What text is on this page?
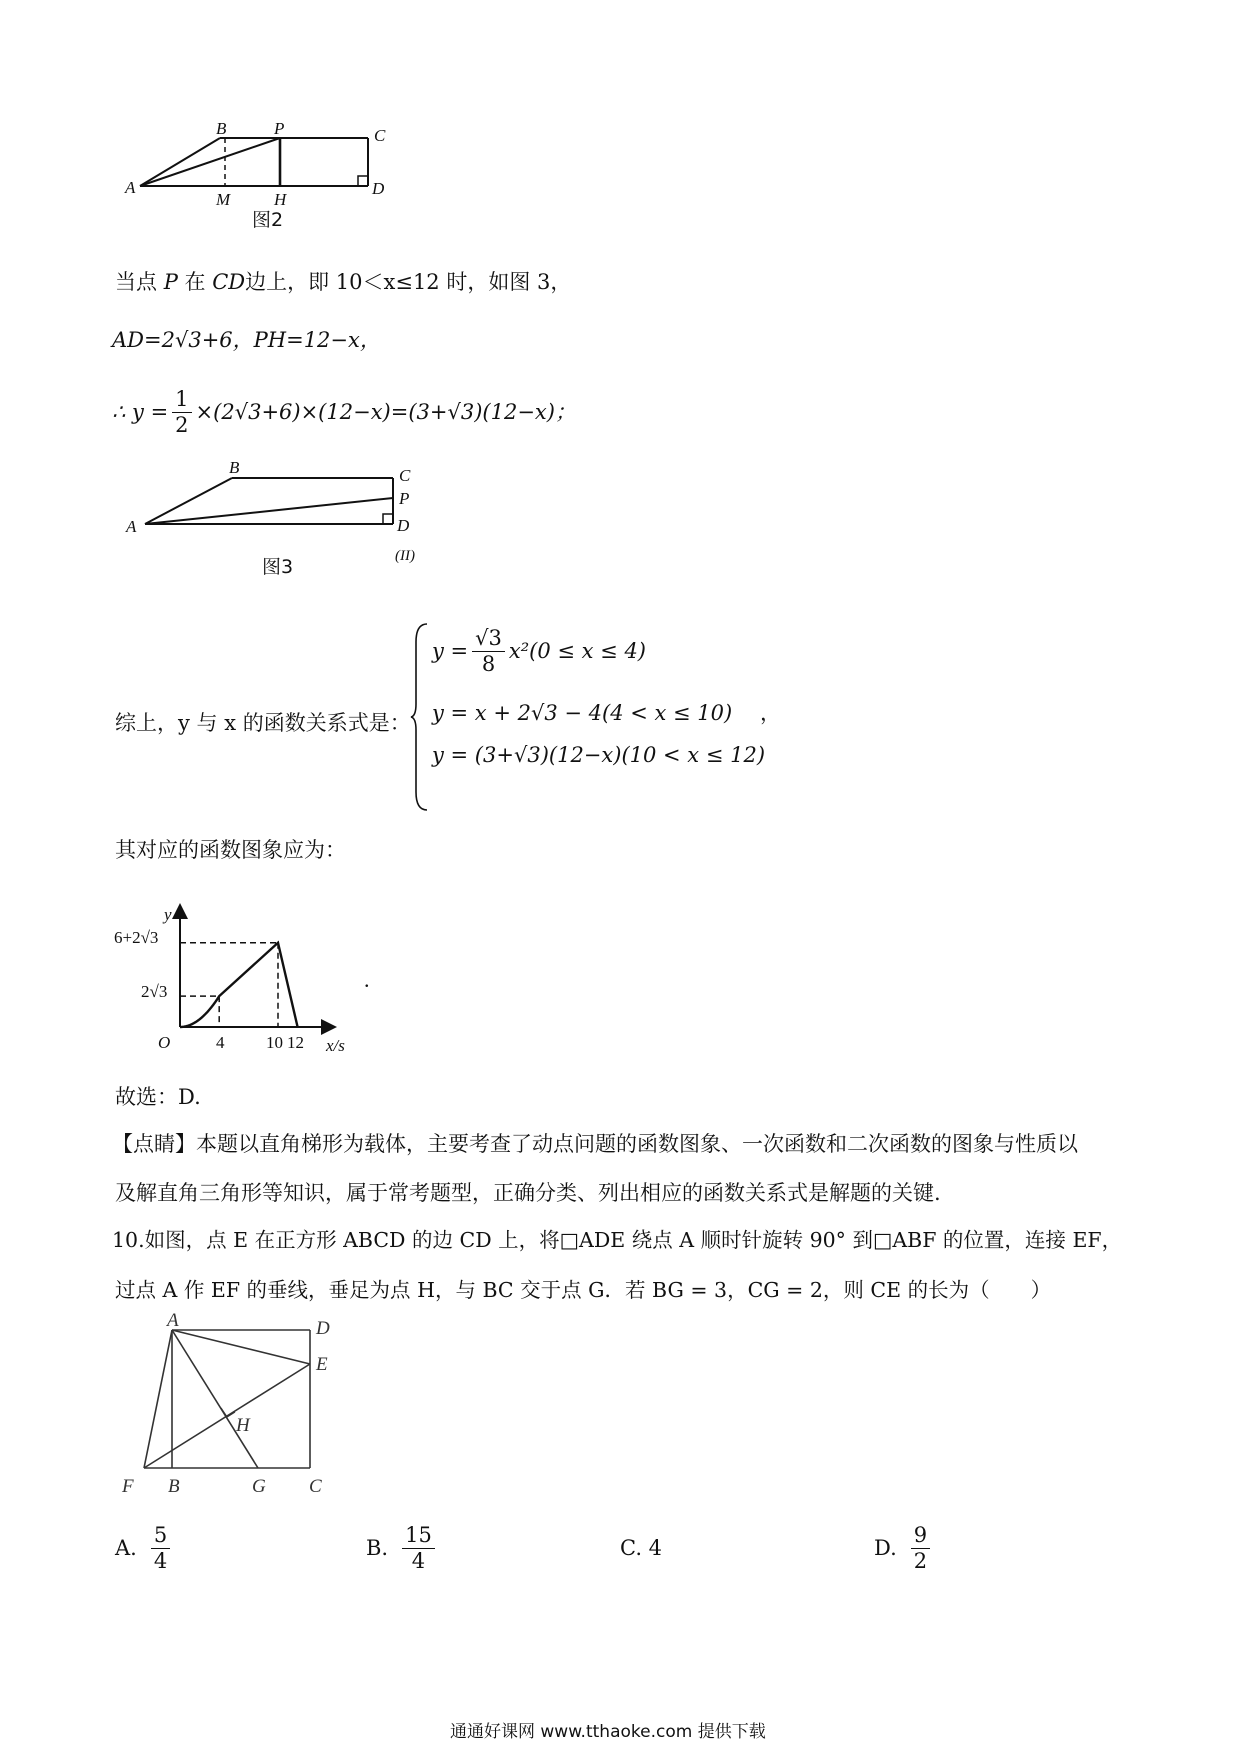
A
B	P	C
D
M	H
图2
当点 P 在 CD边上，即 10＜x≤12 时，如图 3，
AD=2√3+6，PH=12−x，
∴ $y = \frac{1}{2} \times(2√3+6)\times(12-x)=(3+√3)(12-x)$；
A
B	C
P
D
(II)
图3
综上，y 与 x 的函数关系式是：
$y = \frac{√3}{8} x^2(0 \le x \le 4)$
y = x + 2√3 − 4(4 < x ≤ 10)
y = (3+√3)(12−x)(10 < x ≤ 12)
，
其对应的函数图象应为：
y
x/s
O
6+2√3
2√3
4 10 12
.
故选：D.
【点睛】本题以直角梯形为载体，主要考查了动点问题的函数图象、一次函数和二次函数的图象与性质以
及解直角三角形等知识，属于常考题型，正确分类、列出相应的函数关系式是解题的关键.
10.如图，点 E 在正方形 ABCD 的边 CD 上，将□ADE 绕点 A 顺时针旋转 90° 到□ABF 的位置，连接 EF，
过点 A 作 EF 的垂线，垂足为点 H，与 BC 交于点 G．若 BG = 3，CG = 2，则 CE 的长为（　　）
A	D
E
H
F B	G C
A. $\frac{5}{4}$	B. $\frac{15}{4}$	C. 4	D. $\frac{9}{2}$
通通好课网 www.tthaoke.com 提供下载
